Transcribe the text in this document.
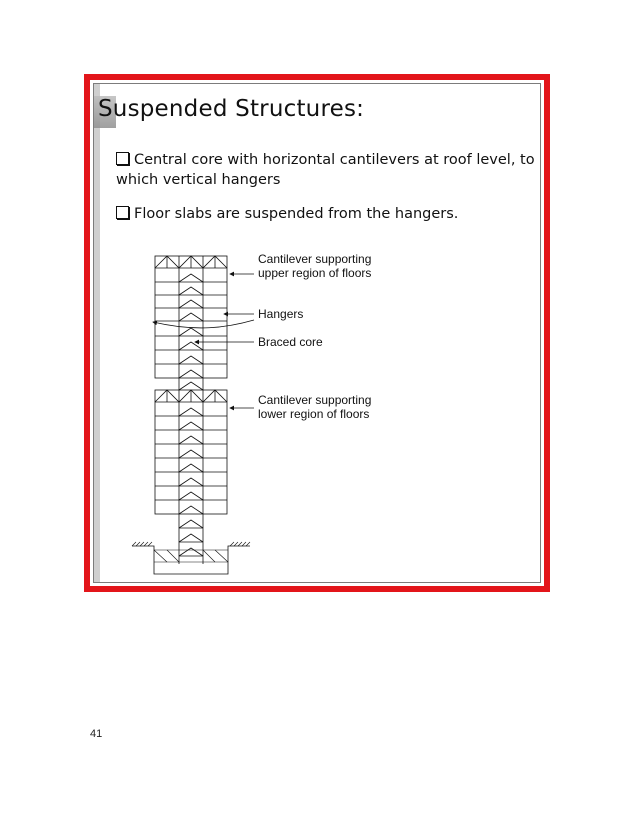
Suspended Structures:
Central core with horizontal cantilevers at roof level, to which vertical hangers
Floor slabs are suspended from the hangers.
Cantilever supporting
upper region of floors
Hangers
Braced core
Cantilever supporting
lower region of floors
41
